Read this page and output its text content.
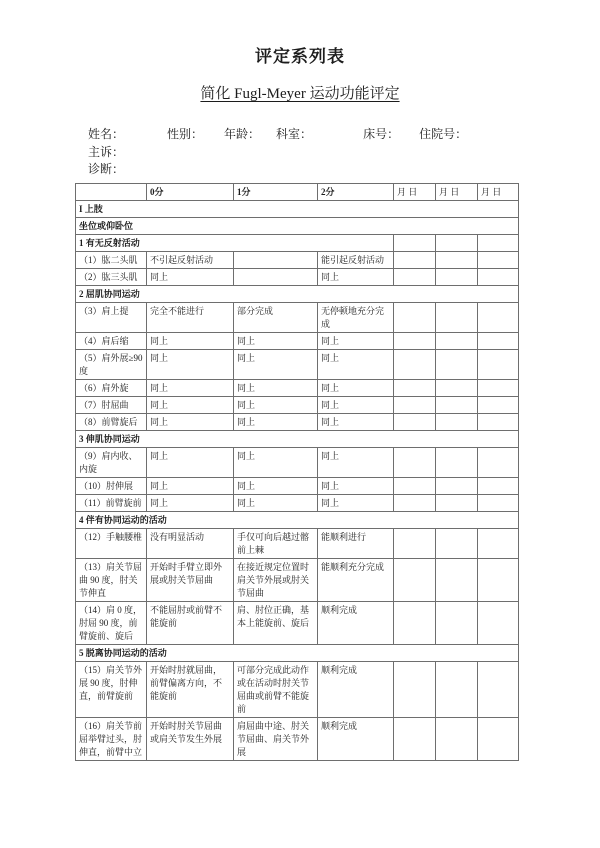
评定系列表
简化 Fugl-Meyer 运动功能评定
姓名：	性别： 年龄： 科室：	床号： 住院号：
主诉：
诊断：
	0分	1分	2分	月 日	月 日	月 日
I 上肢						
坐位或仰卧位						
1 有无反射活动						
（1）肱二头肌	不引起反射活动		能引起反射活动			
（2）肱三头肌	同上		同上			
2 屈肌协同运动						
（3）肩上提	完全不能进行	部分完成	无停顿地充分完成			
（4）肩后缩	同上	同上	同上			
（5）肩外展≥90度	同上	同上	同上			
（6）肩外旋	同上	同上	同上			
（7）肘屈曲	同上	同上	同上			
（8）前臂旋后	同上	同上	同上			
3 伸肌协同运动						
（9）肩内收、内旋	同上	同上	同上			
（10）肘伸展	同上	同上	同上			
（11）前臂旋前	同上	同上	同上			
4 伴有协同运动的活动						
（12）手触腰椎	没有明显活动	手仅可向后越过髂前上棘	能顺利进行			
（13）肩关节屈曲 90 度，肘关节伸直	开始时手臂立即外展或肘关节屈曲	在接近规定位置时肩关节外展或肘关节屈曲	能顺利充分完成			
（14）肩 0 度，肘屈 90 度，前臂旋前、旋后	不能屈肘或前臂不能旋前	肩、肘位正确，基本上能旋前、旋后	顺利完成			
5 脱离协同运动的活动						
（15）肩关节外展 90 度，肘伸直，前臂旋前	开始时肘就屈曲，前臂偏离方向，不能旋前	可部分完成此动作或在活动时肘关节屈曲或前臂不能旋前	顺利完成			
（16）肩关节前屈举臂过头，肘伸直，前臂中立	开始时肘关节屈曲或肩关节发生外展	肩屈曲中途、肘关节屈曲、肩关节外展	顺利完成			
